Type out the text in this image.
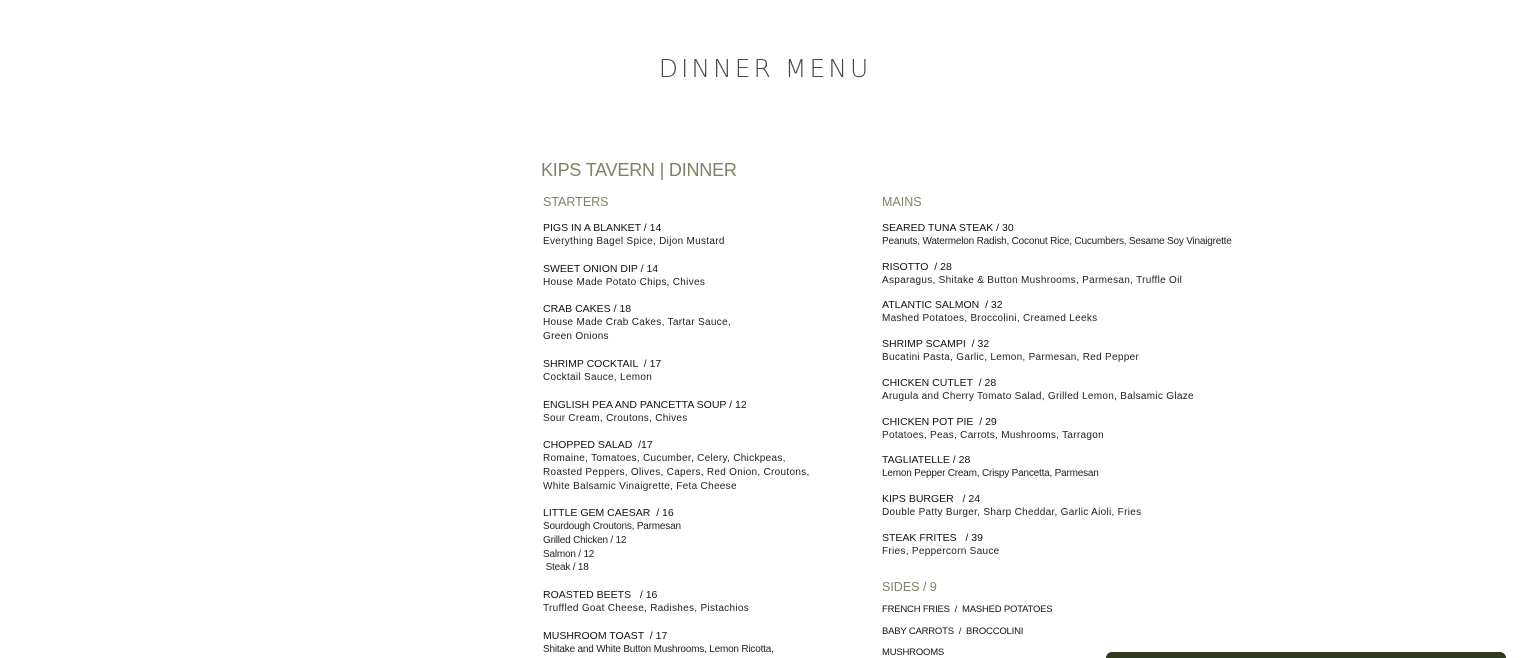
DINNER MENU
KIPS TAVERN | DINNER
STARTERS
PIGS IN A BLANKET / 14
Everything Bagel Spice, Dijon Mustard
SWEET ONION DIP / 14
House Made Potato Chips, Chives
CRAB CAKES / 18
House Made Crab Cakes, Tartar Sauce,
Green Onions
SHRIMP COCKTAIL  / 17
Cocktail Sauce, Lemon
ENGLISH PEA AND PANCETTA SOUP / 12
Sour Cream, Croutons, Chives
CHOPPED SALAD  /17
Romaine, Tomatoes, Cucumber, Celery, Chickpeas,
Roasted Peppers, Olives, Capers, Red Onion, Croutons,
White Balsamic Vinaigrette, Feta Cheese
LITTLE GEM CAESAR  / 16
Sourdough Croutons, Parmesan
Grilled Chicken / 12
Salmon / 12
Steak / 18
ROASTED BEETS   / 16
Truffled Goat Cheese, Radishes, Pistachios
MUSHROOM TOAST  / 17
Shitake and White Button Mushrooms, Lemon Ricotta,
MAINS
SEARED TUNA STEAK / 30
Peanuts, Watermelon Radish, Coconut Rice, Cucumbers, Sesame Soy Vinaigrette
RISOTTO  / 28
Asparagus, Shitake & Button Mushrooms, Parmesan, Truffle Oil
ATLANTIC SALMON  / 32
Mashed Potatoes, Broccolini, Creamed Leeks
SHRIMP SCAMPI  / 32
Bucatini Pasta, Garlic, Lemon, Parmesan, Red Pepper
CHICKEN CUTLET  / 28
Arugula and Cherry Tomato Salad, Grilled Lemon, Balsamic Glaze
CHICKEN POT PIE  / 29
Potatoes, Peas, Carrots, Mushrooms, Tarragon
TAGLIATELLE / 28
Lemon Pepper Cream, Crispy Pancetta, Parmesan
KIPS BURGER   / 24
Double Patty Burger, Sharp Cheddar, Garlic Aioli, Fries
STEAK FRITES   / 39
Fries, Peppercorn Sauce
SIDES / 9
FRENCH FRIES  /  MASHED POTATOES
BABY CARROTS  /  BROCCOLINI
MUSHROOMS
